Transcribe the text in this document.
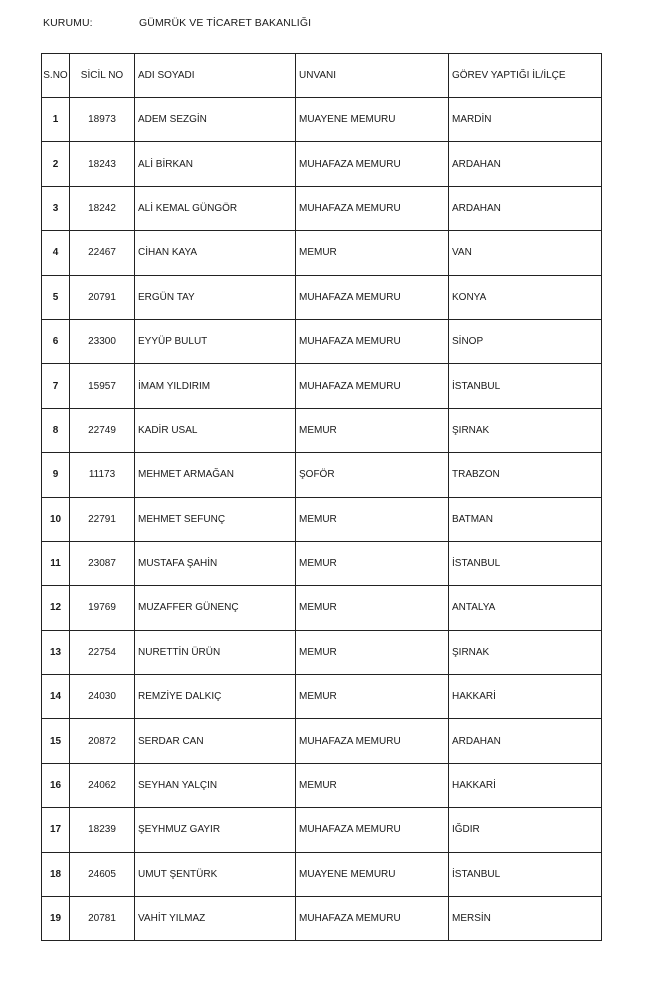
KURUMU:	GÜMRÜK VE TİCARET BAKANLIĞI
S.NO	SİCİL NO	ADI SOYADI	UNVANI	GÖREV YAPTIĞI İL/İLÇE
1	18973	ADEM SEZGİN	MUAYENE MEMURU	MARDİN
2	18243	ALİ BİRKAN	MUHAFAZA MEMURU	ARDAHAN
3	18242	ALİ KEMAL GÜNGÖR	MUHAFAZA MEMURU	ARDAHAN
4	22467	CİHAN KAYA	MEMUR	VAN
5	20791	ERGÜN TAY	MUHAFAZA MEMURU	KONYA
6	23300	EYYÜP BULUT	MUHAFAZA MEMURU	SİNOP
7	15957	İMAM YILDIRIM	MUHAFAZA MEMURU	İSTANBUL
8	22749	KADİR USAL	MEMUR	ŞIRNAK
9	11173	MEHMET ARMAĞAN	ŞOFÖR	TRABZON
10	22791	MEHMET SEFUNÇ	MEMUR	BATMAN
11	23087	MUSTAFA ŞAHİN	MEMUR	İSTANBUL
12	19769	MUZAFFER GÜNENÇ	MEMUR	ANTALYA
13	22754	NURETTİN ÜRÜN	MEMUR	ŞIRNAK
14	24030	REMZİYE DALKIÇ	MEMUR	HAKKARİ
15	20872	SERDAR CAN	MUHAFAZA MEMURU	ARDAHAN
16	24062	SEYHAN YALÇIN	MEMUR	HAKKARİ
17	18239	ŞEYHMUZ GAYIR	MUHAFAZA MEMURU	IĞDIR
18	24605	UMUT ŞENTÜRK	MUAYENE MEMURU	İSTANBUL
19	20781	VAHİT YILMAZ	MUHAFAZA MEMURU	MERSİN
